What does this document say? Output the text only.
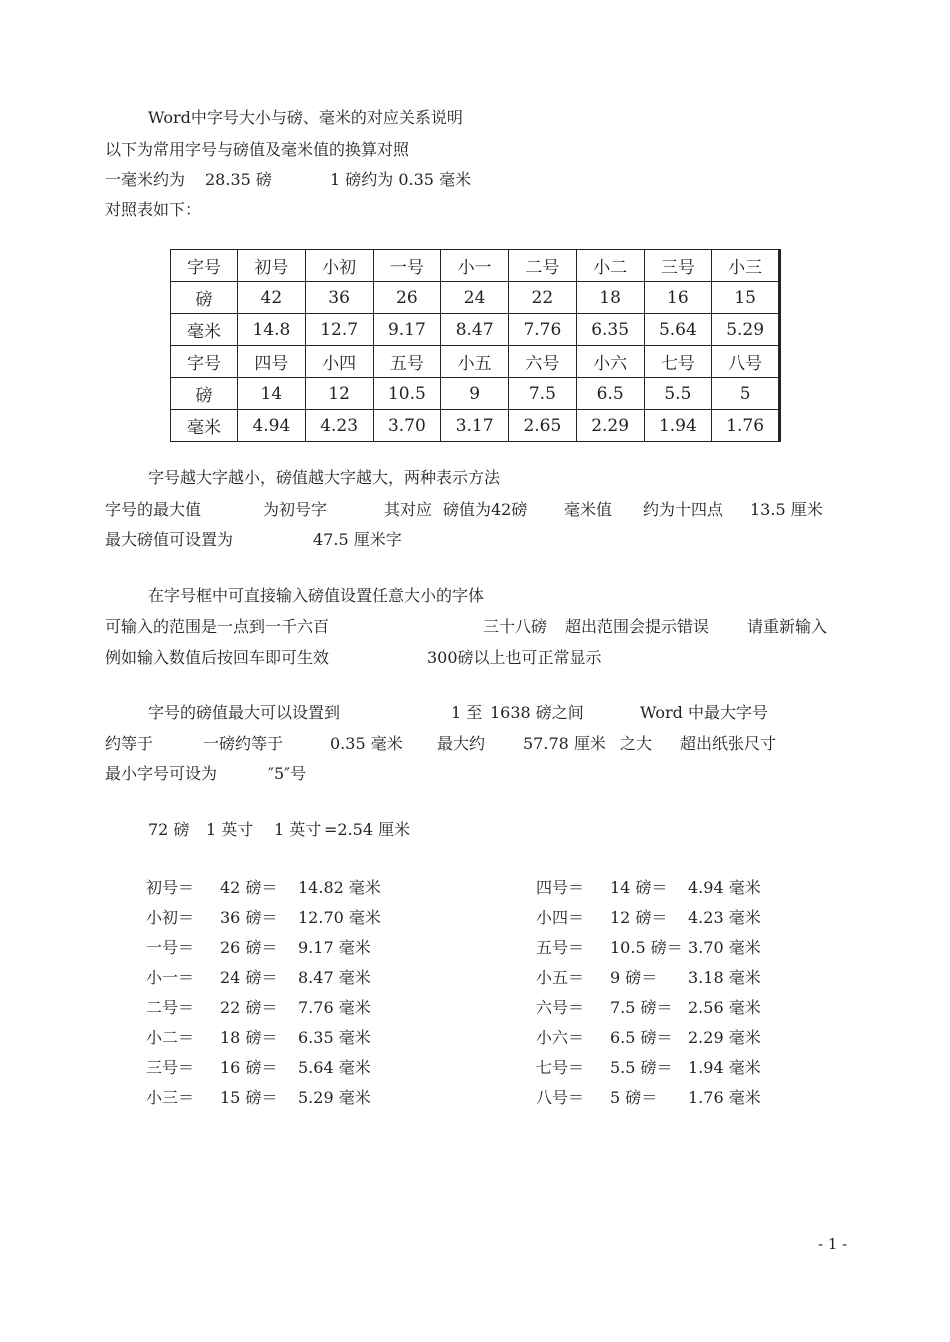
Word中字号大小与磅、毫米的对应关系说明
以下为常用字号与磅值及毫米值的换算对照
一毫米约为 28.35 磅	1 磅约为 0.35 毫米
对照表如下：
字号	初号	小初	一号	小一	二号	小二	三号	小三
磅	42	36	26	24	22	18	16	15
毫米	14.8	12.7	9.17	8.47	7.76	6.35	5.64	5.29
字号	四号	小四	五号	小五	六号	小六	七号	八号
磅	14	12	10.5	9	7.5	6.5	5.5	5
毫米	4.94	4.23	3.70	3.17	2.65	2.29	1.94	1.76
字号越大字越小，磅值越大字越大，两种表示方法
字号的最大值	为初号字	其对应 磅值为42磅 毫米值 约为十四点 13.5 厘米
最大磅值可设置为	47.5 厘米字
在字号框中可直接输入磅值设置任意大小的字体
可输入的范围是一点到一千六百	三十八磅 超出范围会提示错误 请重新输入
例如输入数值后按回车即可生效	300磅以上也可正常显示
字号的磅值最大可以设置到	1 至 1638 磅之间	Word 中最大字号
约等于	一磅约等于	0.35 毫米 最大约 57.78 厘米 之大 超出纸张尺寸
最小字号可设为	″5″号
72 磅 1 英寸 1 英寸 =2.54 厘米
初号＝ 42 磅＝ 14.82 毫米
小初＝ 36 磅＝ 12.70 毫米
一号＝ 26 磅＝ 9.17 毫米
小一＝ 24 磅＝ 8.47 毫米
二号＝ 22 磅＝ 7.76 毫米
小二＝ 18 磅＝ 6.35 毫米
三号＝ 16 磅＝ 5.64 毫米
小三＝ 15 磅＝ 5.29 毫米
四号＝ 14 磅＝ 4.94 毫米
小四＝ 12 磅＝ 4.23 毫米
五号＝ 10.5 磅＝ 3.70 毫米
小五＝ 9 磅＝ 3.18 毫米
六号＝ 7.5 磅＝ 2.56 毫米
小六＝ 6.5 磅＝ 2.29 毫米
七号＝ 5.5 磅＝ 1.94 毫米
八号＝ 5 磅＝ 1.76 毫米
- 1 -
